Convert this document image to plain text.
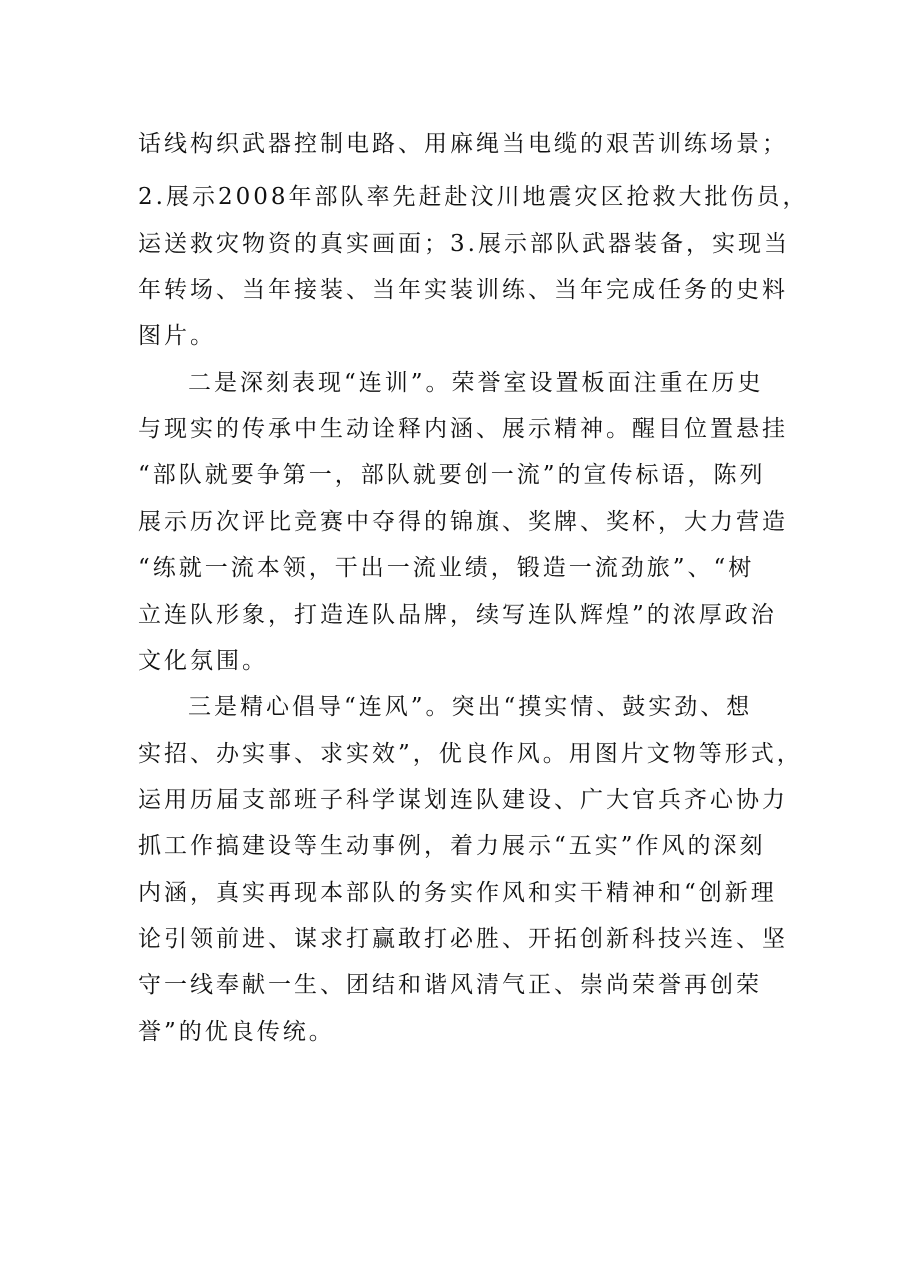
话线构织武器控制电路、用麻绳当电缆的艰苦训练场景；
2.展示2008年部队率先赶赴汶川地震灾区抢救大批伤员，
运送救灾物资的真实画面；3.展示部队武器装备，实现当
年转场、当年接装、当年实装训练、当年完成任务的史料
图片。
二是深刻表现“连训”。荣誉室设置板面注重在历史
与现实的传承中生动诠释内涵、展示精神。醒目位置悬挂
“部队就要争第一，部队就要创一流”的宣传标语，陈列
展示历次评比竞赛中夺得的锦旗、奖牌、奖杯，大力营造
“练就一流本领，干出一流业绩，锻造一流劲旅”、“树
立连队形象，打造连队品牌，续写连队辉煌”的浓厚政治
文化氛围。
三是精心倡导“连风”。突出“摸实情、鼓实劲、想
实招、办实事、求实效”，优良作风。用图片文物等形式，
运用历届支部班子科学谋划连队建设、广大官兵齐心协力
抓工作搞建设等生动事例，着力展示“五实”作风的深刻
内涵，真实再现本部队的务实作风和实干精神和“创新理
论引领前进、谋求打赢敢打必胜、开拓创新科技兴连、坚
守一线奉献一生、团结和谐风清气正、崇尚荣誉再创荣
誉”的优良传统。
